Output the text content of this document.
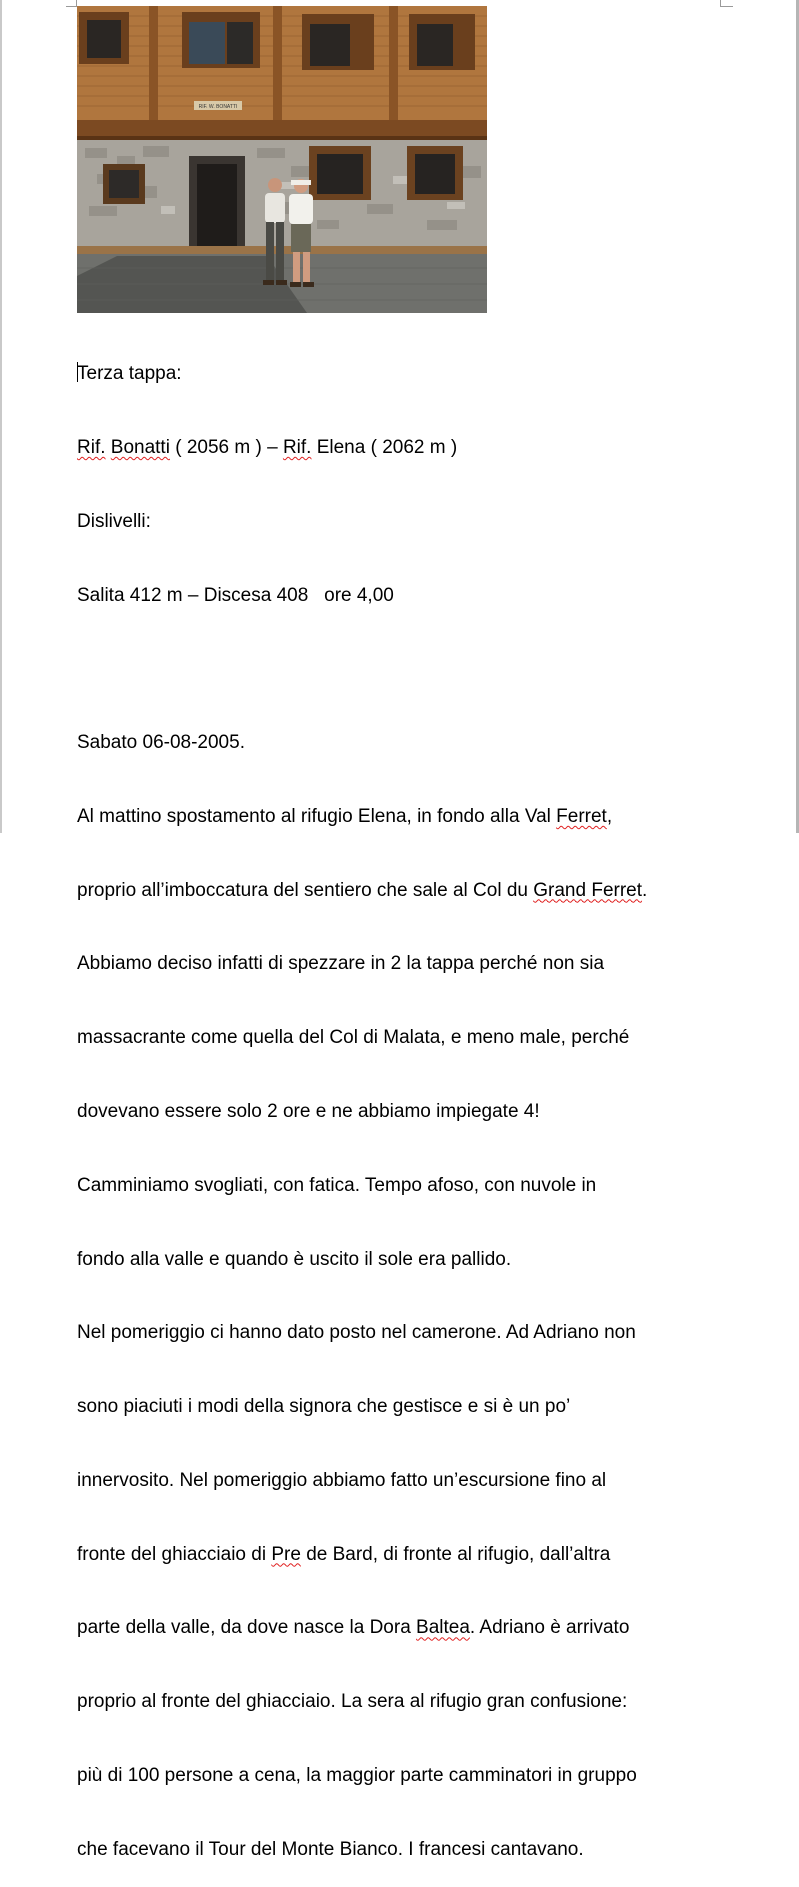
RIF. W. BONATTI

Terza tappa:

Rif. Bonatti ( 2056 m ) – Rif. Elena ( 2062 m )

Dislivelli:

Salita 412 m – Discesa 408   ore 4,00

Sabato 06-08-2005.

Al mattino spostamento al rifugio Elena, in fondo alla Val Ferret,

proprio all’imboccatura del sentiero che sale al Col du Grand Ferret.

Abbiamo deciso infatti di spezzare in 2 la tappa perché non sia

massacrante come quella del Col di Malata, e meno male, perché

dovevano essere solo 2 ore e ne abbiamo impiegate 4!

Camminiamo svogliati, con fatica. Tempo afoso, con nuvole in

fondo alla valle e quando è uscito il sole era pallido.

Nel pomeriggio ci hanno dato posto nel camerone. Ad Adriano non

sono piaciuti i modi della signora che gestisce e si è un po’

innervosito. Nel pomeriggio abbiamo fatto un’escursione fino al

fronte del ghiacciaio di Pre de Bard, di fronte al rifugio, dall’altra

parte della valle, da dove nasce la Dora Baltea. Adriano è arrivato

proprio al fronte del ghiacciaio. La sera al rifugio gran confusione:

più di 100 persone a cena, la maggior parte camminatori in gruppo

che facevano il Tour del Monte Bianco. I francesi cantavano.
